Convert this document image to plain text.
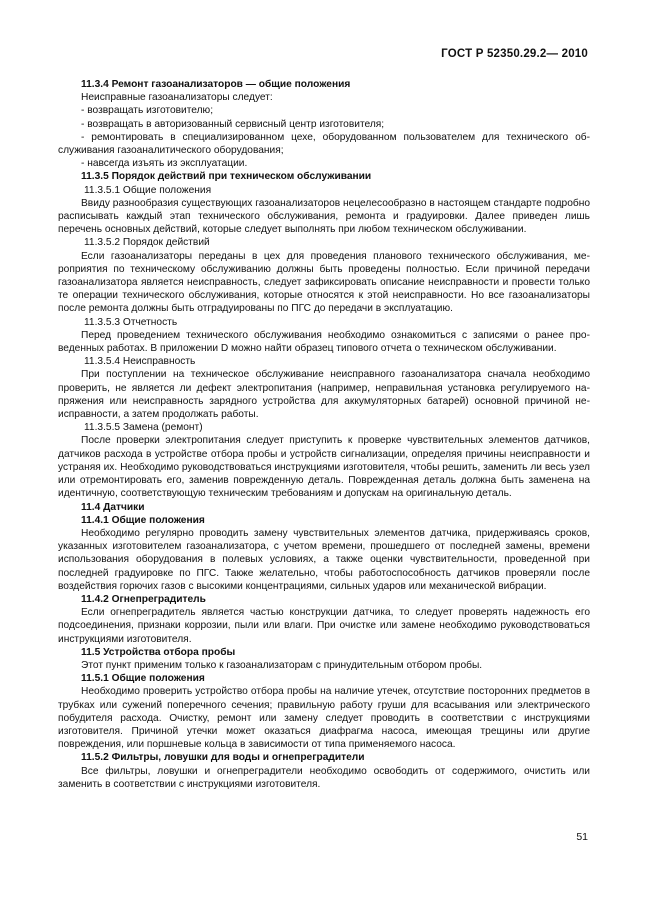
ГОСТ Р 52350.29.2— 2010

11.3.4 Ремонт газоанализаторов — общие положения

Неисправные газоанализаторы следует:

- возвращать изготовителю;

- возвращать в авторизованный сервисный центр изготовителя;

- ремонтировать в специализированном цехе, оборудованном пользователем для технического обслуживания газоаналитического оборудования;

- навсегда изъять из эксплуатации.

11.3.5 Порядок действий при техническом обслуживании

11.3.5.1 Общие положения

Ввиду разнообразия существующих газоанализаторов нецелесообразно в настоящем стандарте подробно расписывать каждый этап технического обслуживания, ремонта и градуировки. Далее приведен лишь перечень основных действий, которые следует выполнять при любом техническом обслуживании.

11.3.5.2 Порядок действий

Если газоанализаторы переданы в цех для проведения планового технического обслуживания, мероприятия по техническому обслуживанию должны быть проведены полностью. Если причиной передачи газоанализатора является неисправность, следует зафиксировать описание неисправности и провести только те операции технического обслуживания, которые относятся к этой неисправности. Но все газоанализаторы после ремонта должны быть отградуированы по ПГС до передачи в эксплуатацию.

11.3.5.3 Отчетность

Перед проведением технического обслуживания необходимо ознакомиться с записями о ранее проведенных работах. В приложении D можно найти образец типового отчета о техническом обслуживании.

11.3.5.4 Неисправность

При поступлении на техническое обслуживание неисправного газоанализатора сначала необходимо проверить, не является ли дефект электропитания (например, неправильная установка регулируемого напряжения или неисправность зарядного устройства для аккумуляторных батарей) основной причиной неисправности, а затем продолжать работы.

11.3.5.5 Замена (ремонт)

После проверки электропитания следует приступить к проверке чувствительных элементов датчиков, датчиков расхода в устройстве отбора пробы и устройств сигнализации, определяя причины неисправности и устраняя их. Необходимо руководствоваться инструкциями изготовителя, чтобы решить, заменить ли весь узел или отремонтировать его, заменив поврежденную деталь. Поврежденная деталь должна быть заменена на идентичную, соответствующую техническим требованиям и допускам на оригинальную деталь.

11.4 Датчики

11.4.1 Общие положения

Необходимо регулярно проводить замену чувствительных элементов датчика, придерживаясь сроков, указанных изготовителем газоанализатора, с учетом времени, прошедшего от последней замены, времени использования оборудования в полевых условиях, а также оценки чувствительности, проведенной при последней градуировке по ПГС. Также желательно, чтобы работоспособность датчиков проверяли после воздействия горючих газов с высокими концентрациями, сильных ударов или механической вибрации.

11.4.2 Огнепреградитель

Если огнепреградитель является частью конструкции датчика, то следует проверять надежность его подсоединения, признаки коррозии, пыли или влаги. При очистке или замене необходимо руководствоваться инструкциями изготовителя.

11.5 Устройства отбора пробы

Этот пункт применим только к газоанализаторам с принудительным отбором пробы.

11.5.1 Общие положения

Необходимо проверить устройство отбора пробы на наличие утечек, отсутствие посторонних предметов в трубках или сужений поперечного сечения; правильную работу груши для всасывания или электрического побудителя расхода. Очистку, ремонт или замену следует проводить в соответствии с инструкциями изготовителя. Причиной утечки может оказаться диафрагма насоса, имеющая трещины или другие повреждения, или поршневые кольца в зависимости от типа применяемого насоса.

11.5.2 Фильтры, ловушки для воды и огнепреградители

Все фильтры, ловушки и огнепреградители необходимо освободить от содержимого, очистить или заменить в соответствии с инструкциями изготовителя.

51
